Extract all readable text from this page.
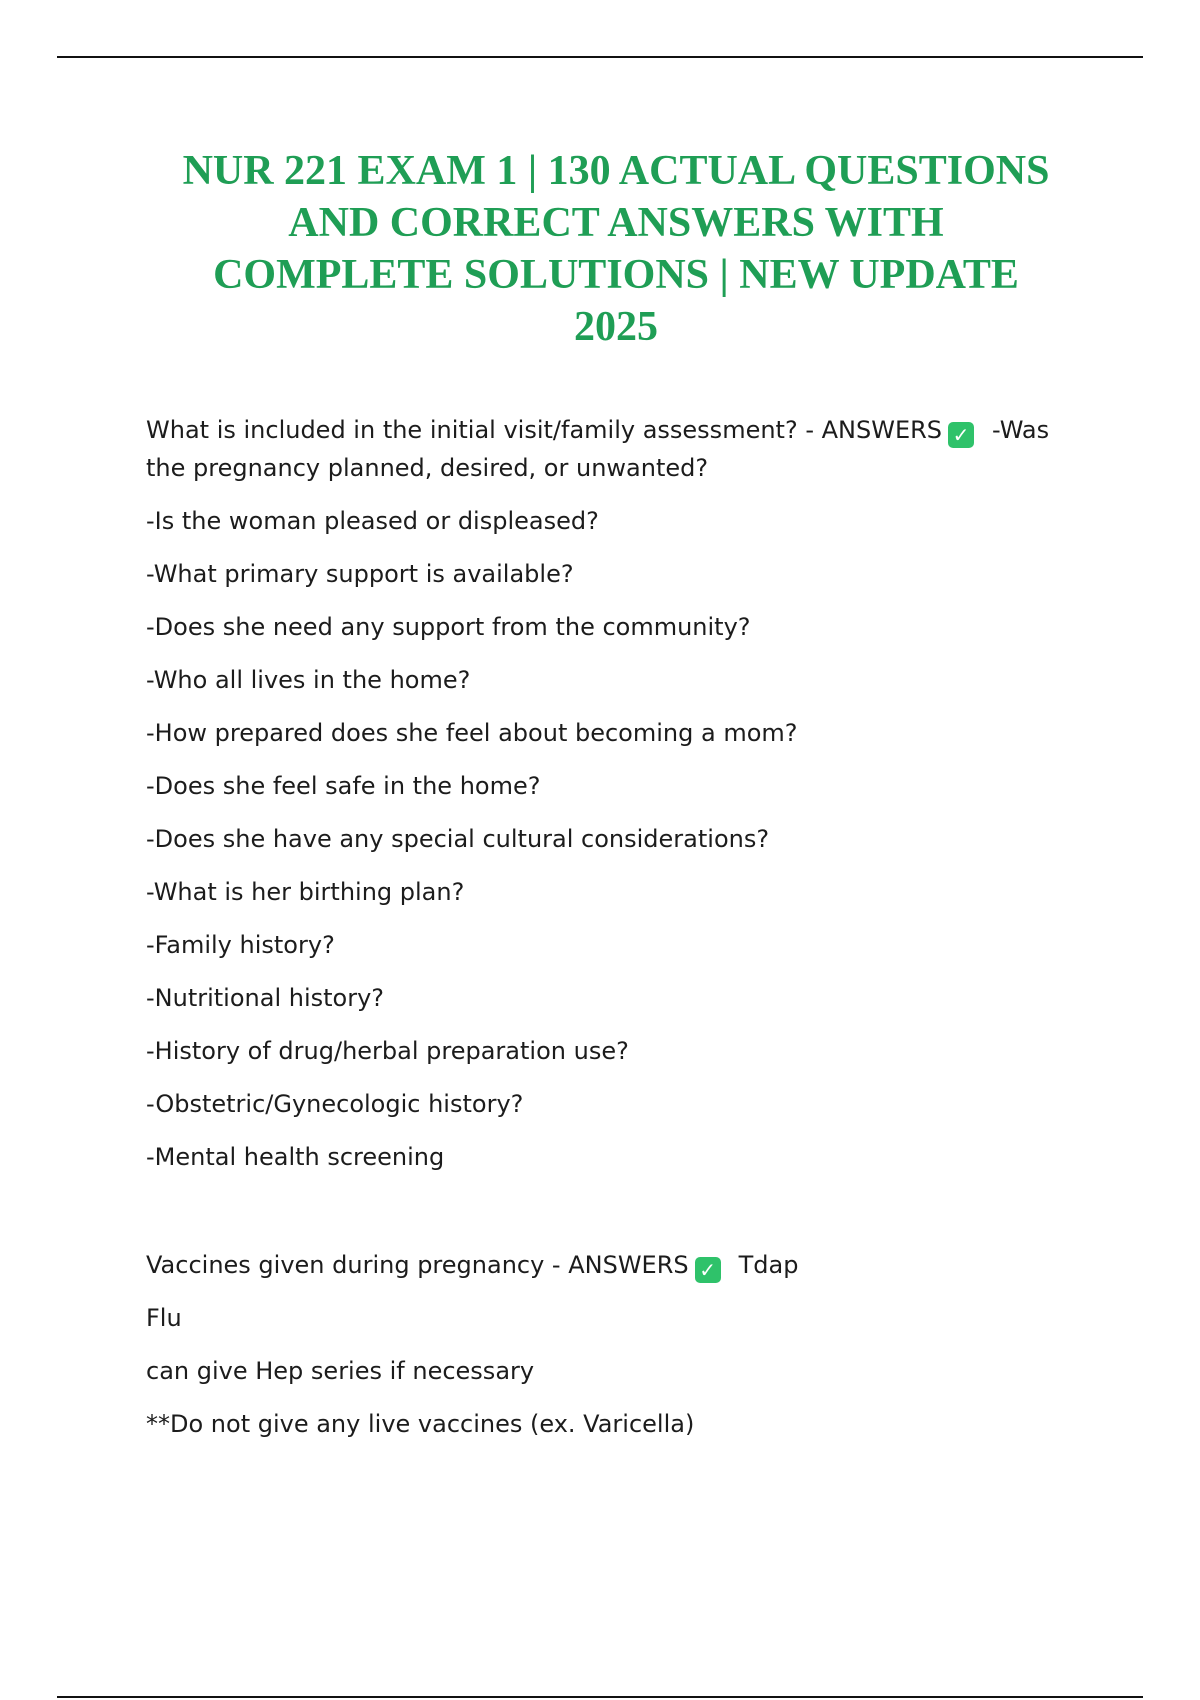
NUR 221 EXAM 1 | 130 ACTUAL QUESTIONS
AND CORRECT ANSWERS WITH
COMPLETE SOLUTIONS | NEW UPDATE
2025

What is included in the initial visit/family assessment? - ANSWERS ✓ -Was the pregnancy planned, desired, or unwanted?

-Is the woman pleased or displeased?

-What primary support is available?

-Does she need any support from the community?

-Who all lives in the home?

-How prepared does she feel about becoming a mom?

-Does she feel safe in the home?

-Does she have any special cultural considerations?

-What is her birthing plan?

-Family history?

-Nutritional history?

-History of drug/herbal preparation use?

-Obstetric/Gynecologic history?

-Mental health screening

Vaccines given during pregnancy - ANSWERS ✓ Tdap

Flu

can give Hep series if necessary

**Do not give any live vaccines (ex. Varicella)
